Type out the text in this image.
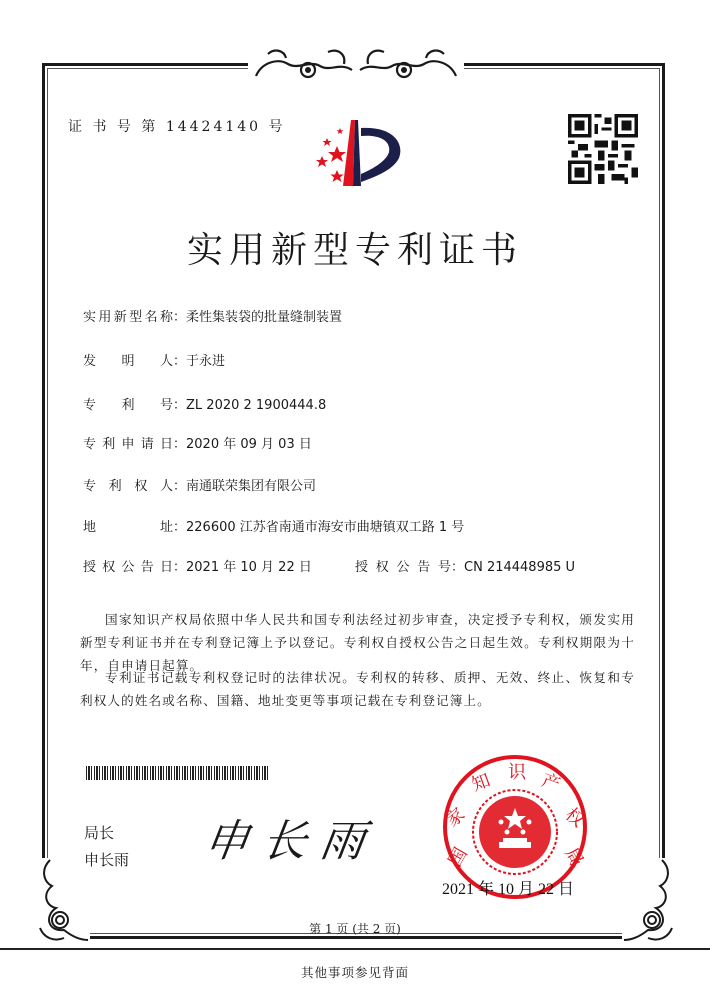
证 书 号 第 14424140 号
实用新型专利证书
实用新型名称：柔性集装袋的批量缝制装置
发明人：于永进
专利号：ZL 2020 2 1900444.8
专利申请日：2020 年 09 月 03 日
专利权人：南通联荣集团有限公司
地址：226600 江苏省南通市海安市曲塘镇双工路 1 号
授权公告日：2021 年 10 月 22 日	授权公告号：CN 214448985 U

国家知识产权局依照中华人民共和国专利法经过初步审查，决定授予专利权，颁发实用新型专利证书并在专利登记簿上予以登记。专利权自授权公告之日起生效。专利权期限为十年，自申请日起算。

专利证书记载专利权登记时的法律状况。专利权的转移、质押、无效、终止、恢复和专利权人的姓名或名称、国籍、地址变更等事项记载在专利登记簿上。

局长
申长雨 申长雨	国
家
知 识 产
权
局
2021 年 10 月 22 日
第 1 页 (共 2 页)
其他事项参见背面
